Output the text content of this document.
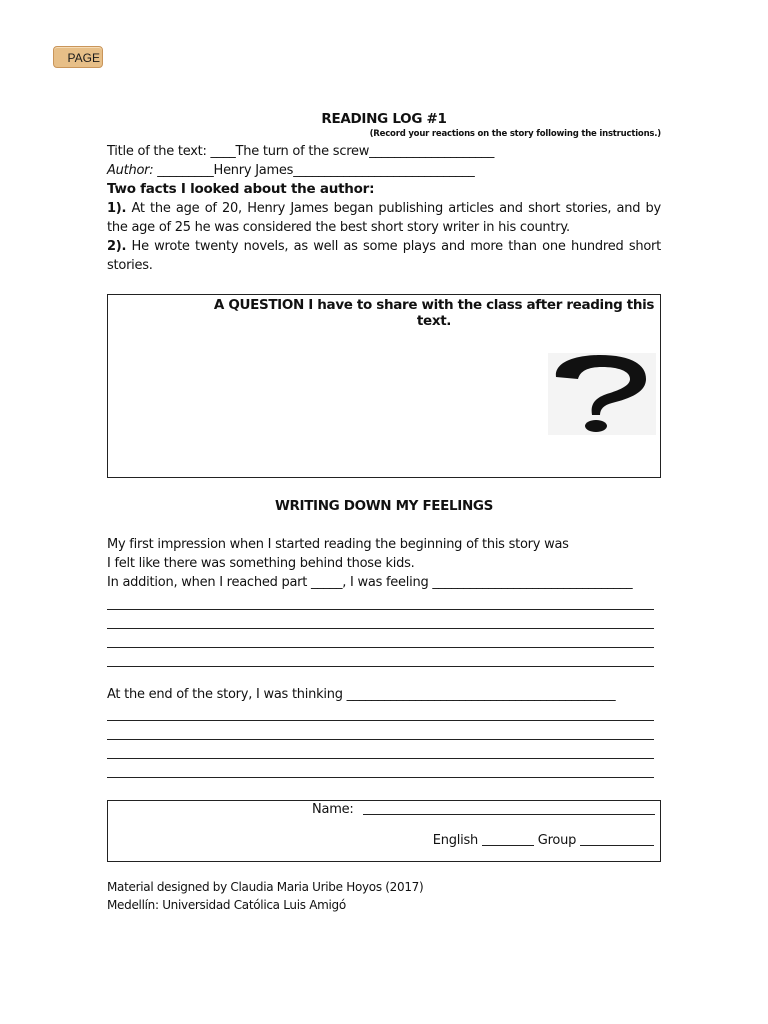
PAGE
READING LOG #1
(Record your reactions on the story following the instructions.)
Title of the text: ____The turn of the screw____________________
Author: _________Henry James_____________________________
Two facts I looked about the author:
1). At the age of 20, Henry James began publishing articles and short stories, and by the age of 25 he was considered the best short story writer in his country.
2). He wrote twenty novels, as well as some plays and more than one hundred short stories.
A QUESTION I have to share with the class after reading this text.
WRITING DOWN MY FEELINGS
My first impression when I started reading the beginning of this story was
I felt like there was something behind those kids.
In addition, when I reached part _____, I was feeling ________________________________
At the end of the story, I was thinking ___________________________________________
Name:
English	Group
Material designed by Claudia Maria Uribe Hoyos (2017)
Medellín: Universidad Católica Luis Amigó
